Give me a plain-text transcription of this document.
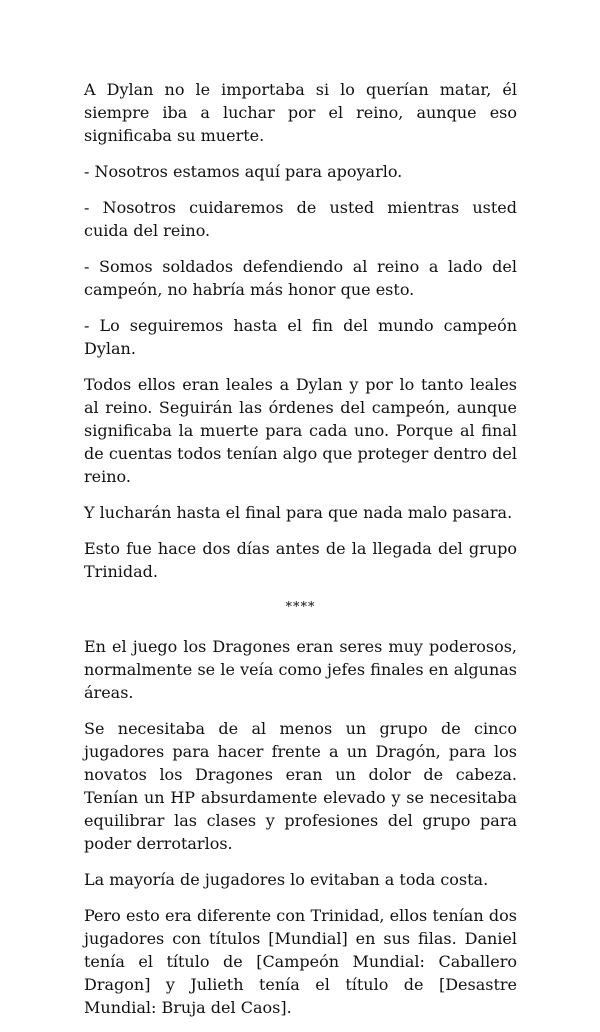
A Dylan no le importaba si lo querían matar, él siempre iba a luchar por el reino, aunque eso significaba su muerte.

- Nosotros estamos aquí para apoyarlo.

- Nosotros cuidaremos de usted mientras usted cuida del reino.

- Somos soldados defendiendo al reino a lado del campeón, no habría más honor que esto.

- Lo seguiremos hasta el fin del mundo campeón Dylan.

Todos ellos eran leales a Dylan y por lo tanto leales al reino. Seguirán las órdenes del campeón, aunque significaba la muerte para cada uno. Porque al final de cuentas todos tenían algo que proteger dentro del reino.

Y lucharán hasta el final para que nada malo pasara.

Esto fue hace dos días antes de la llegada del grupo Trinidad.

****

En el juego los Dragones eran seres muy poderosos, normalmente se le veía como jefes finales en algunas áreas.

Se necesitaba de al menos un grupo de cinco jugadores para hacer frente a un Dragón, para los novatos los Dragones eran un dolor de cabeza. Tenían un HP absurdamente elevado y se necesitaba equilibrar las clases y profesiones del grupo para poder derrotarlos.

La mayoría de jugadores lo evitaban a toda costa.

Pero esto era diferente con Trinidad, ellos tenían dos jugadores con títulos [Mundial] en sus filas. Daniel tenía el título de [Campeón Mundial: Caballero Dragon] y Julieth tenía el título de [Desastre Mundial: Bruja del Caos].
